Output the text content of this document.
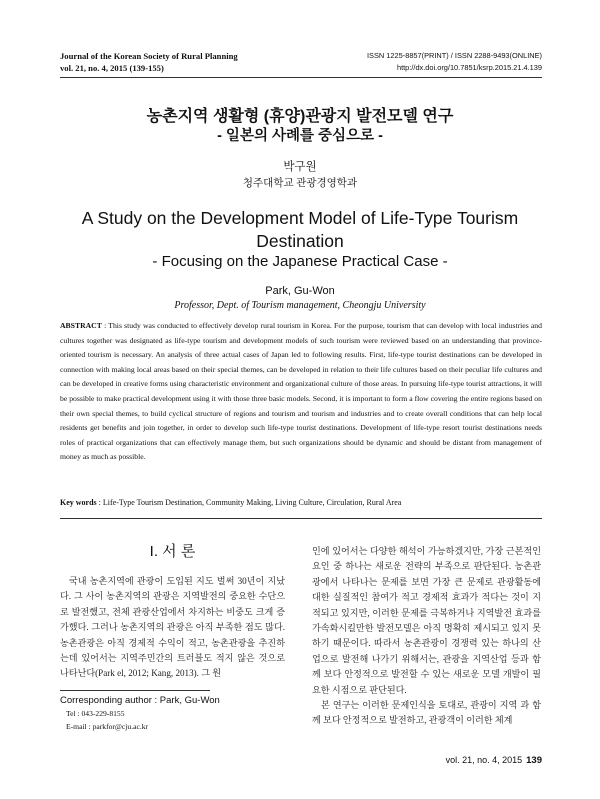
Journal of the Korean Society of Rural Planning
vol. 21, no. 4, 2015 (139-155)
ISSN 1225-8857(PRINT) / ISSN 2288-9493(ONLINE)
http://dx.doi.org/10.7851/ksrp.2015.21.4.139
농촌지역 생활형 (휴양)관광지 발전모델 연구
- 일본의 사례를 중심으로 -
박구원
청주대학교 관광경영학과
A Study on the Development Model of Life-Type Tourism
Destination
- Focusing on the Japanese Practical Case -
Park, Gu-Won
Professor, Dept. of Tourism management, Cheongju University
ABSTRACT : This study was conducted to effectively develop rural tourism in Korea. For the purpose, tourism that can develop with local industries and cultures together was designated as life-type tourism and development models of such tourism were reviewed based on an understanding that province-oriented tourism is necessary. An analysis of three actual cases of Japan led to following results. First, life-type tourist destinations can be developed in connection with making local areas based on their special themes, can be developed in relation to their life cultures based on their peculiar life cultures and can be developed in creative forms using characteristic environment and organizational culture of those areas. In pursuing life-type tourist attractions, it will be possible to make practical development using it with those three basic models. Second, it is important to form a flow covering the entire regions based on their own special themes, to build cyclical structure of regions and tourism and tourism and industries and to create overall conditions that can help local residents get benefits and join together, in order to develop such life-type tourist destinations. Development of life-type resort tourist destinations needs roles of practical organizations that can effectively manage them, but such organizations should be dynamic and should be distant from management of money as much as possible.
Key words : Life-Type Tourism Destination, Community Making, Living Culture, Circulation, Rural Area
I. 서 론

국내 농촌지역에 관광이 도입된 지도 벌써 30년이 지났다. 그 사이 농촌지역의 관광은 지역발전의 중요한 수단으로 발전했고, 전체 관광산업에서 차지하는 비중도 크게 증가했다. 그러나 농촌지역의 관광은 아직 부족한 점도 많다. 농촌관광은 아직 경제적 수익이 적고, 농촌관광을 추진하는데 있어서는 지역주민간의 트러블도 적지 않은 것으로 나타난다(Park el, 2012; Kang, 2013). 그 원

인에 있어서는 다양한 해석이 가능하겠지만, 가장 근본적인 요인 중 하나는 새로운 전략의 부족으로 판단된다. 농촌관광에서 나타나는 문제를 보면 가장 큰 문제로 관광활동에 대한 실질적인 참여가 적고 경제적 효과가 적다는 것이 지적되고 있지만, 이러한 문제를 극복하거나 지역발전 효과를 가속화시킬만한 발전모델은 아직 명확히 제시되고 있지 못하기 때문이다. 따라서 농촌관광이 경쟁력 있는 하나의 산업으로 발전해 나가기 위해서는, 관광을 지역산업 등과 함께 보다 안정적으로 발전할 수 있는 새로운 모델 개발이 필요한 시점으로 판단된다.

본 연구는 이러한 문제인식을 토대로, 관광이 지역 과 함께 보다 안정적으로 발전하고, 관광객이 이러한 체계

Corresponding author : Park, Gu-Won
Tel : 043-229-8155
E-mail : parkfor@cju.ac.kr
vol. 21, no. 4, 2015 139
